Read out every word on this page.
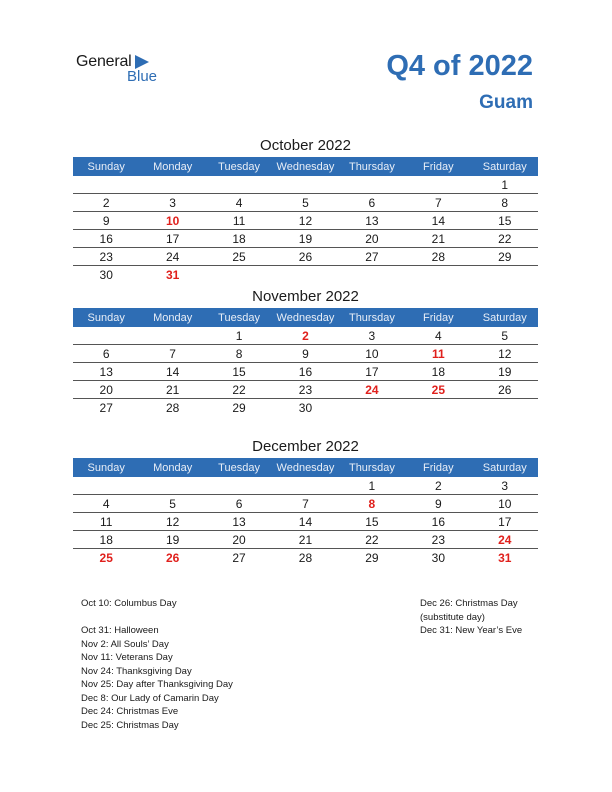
General
Blue	Q4 of 2022
Guam
October 2022
Sunday	Monday	Tuesday	Wednesday	Thursday	Friday	Saturday
						1
2	3	4	5	6	7	8
9	10	11	12	13	14	15
16	17	18	19	20	21	22
23	24	25	26	27	28	29
30	31					
November 2022
Sunday	Monday	Tuesday	Wednesday	Thursday	Friday	Saturday
		1	2	3	4	5
6	7	8	9	10	11	12
13	14	15	16	17	18	19
20	21	22	23	24	25	26
27	28	29	30			
December 2022
Sunday	Monday	Tuesday	Wednesday	Thursday	Friday	Saturday
				1	2	3
4	5	6	7	8	9	10
11	12	13	14	15	16	17
18	19	20	21	22	23	24
25	26	27	28	29	30	31
Oct 10: Columbus Day

Oct 31: Halloween
Nov 2: All Souls’ Day
Nov 11: Veterans Day
Nov 24: Thanksgiving Day
Nov 25: Day after Thanksgiving Day
Dec 8: Our Lady of Camarin Day
Dec 24: Christmas Eve
Dec 25: Christmas Day
Dec 26: Christmas Day
(substitute day)
Dec 31: New Year’s Eve
